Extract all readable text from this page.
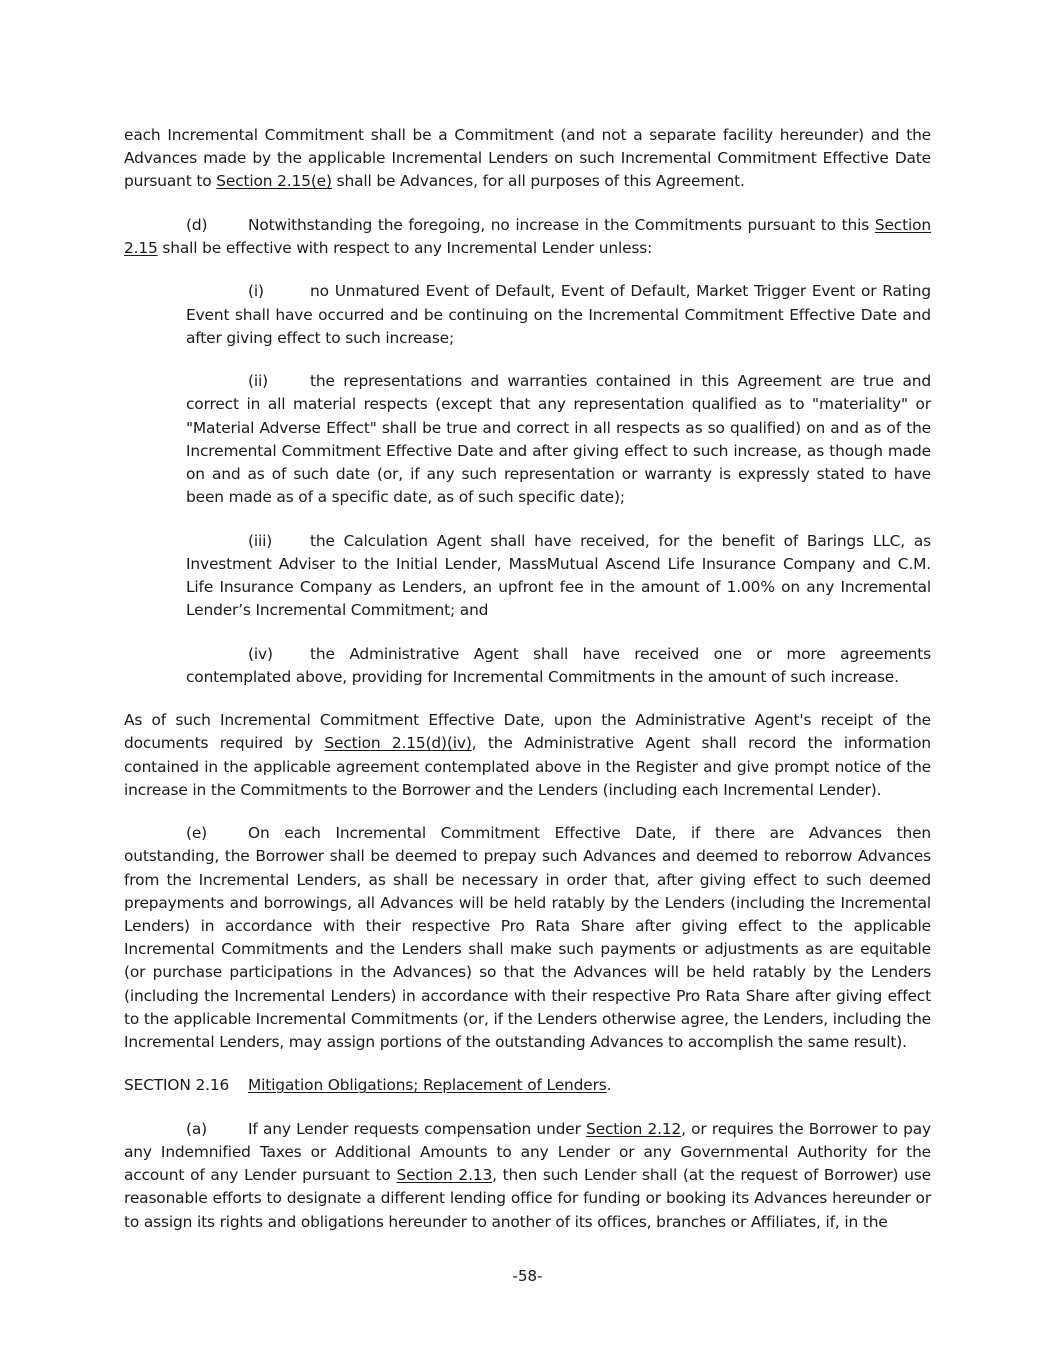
each Incremental Commitment shall be a Commitment (and not a separate facility hereunder) and the Advances made by the applicable Incremental Lenders on such Incremental Commitment Effective Date pursuant to Section 2.15(e) shall be Advances, for all purposes of this Agreement.

(d)	Notwithstanding the foregoing, no increase in the Commitments pursuant to this Section 2.15 shall be effective with respect to any Incremental Lender unless:

(i)	no Unmatured Event of Default, Event of Default, Market Trigger Event or Rating Event shall have occurred and be continuing on the Incremental Commitment Effective Date and after giving effect to such increase;

(ii)	the representations and warranties contained in this Agreement are true and correct in all material respects (except that any representation qualified as to "materiality" or "Material Adverse Effect" shall be true and correct in all respects as so qualified) on and as of the Incremental Commitment Effective Date and after giving effect to such increase, as though made on and as of such date (or, if any such representation or warranty is expressly stated to have been made as of a specific date, as of such specific date);

(iii) the Calculation Agent shall have received, for the benefit of Barings LLC, as Investment Adviser to the Initial Lender, MassMutual Ascend Life Insurance Company and C.M. Life Insurance Company as Lenders, an upfront fee in the amount of 1.00% on any Incremental Lender’s Incremental Commitment; and

(iv) the Administrative Agent shall have received one or more agreements contemplated above, providing for Incremental Commitments in the amount of such increase.

As of such Incremental Commitment Effective Date, upon the Administrative Agent's receipt of the documents required by Section 2.15(d)(iv), the Administrative Agent shall record the information contained in the applicable agreement contemplated above in the Register and give prompt notice of the increase in the Commitments to the Borrower and the Lenders (including each Incremental Lender).

(e)	On each Incremental Commitment Effective Date, if there are Advances then outstanding, the Borrower shall be deemed to prepay such Advances and deemed to reborrow Advances from the Incremental Lenders, as shall be necessary in order that, after giving effect to such deemed prepayments and borrowings, all Advances will be held ratably by the Lenders (including the Incremental Lenders) in accordance with their respective Pro Rata Share after giving effect to the applicable Incremental Commitments and the Lenders shall make such payments or adjustments as are equitable (or purchase participations in the Advances) so that the Advances will be held ratably by the Lenders (including the Incremental Lenders) in accordance with their respective Pro Rata Share after giving effect to the applicable Incremental Commitments (or, if the Lenders otherwise agree, the Lenders, including the Incremental Lenders, may assign portions of the outstanding Advances to accomplish the same result).

SECTION 2.16 Mitigation Obligations; Replacement of Lenders.

(a)	If any Lender requests compensation under Section 2.12, or requires the Borrower to pay any Indemnified Taxes or Additional Amounts to any Lender or any Governmental Authority for the account of any Lender pursuant to Section 2.13, then such Lender shall (at the request of Borrower) use reasonable efforts to designate a different lending office for funding or booking its Advances hereunder or to assign its rights and obligations hereunder to another of its offices, branches or Affiliates, if, in the

-58-
